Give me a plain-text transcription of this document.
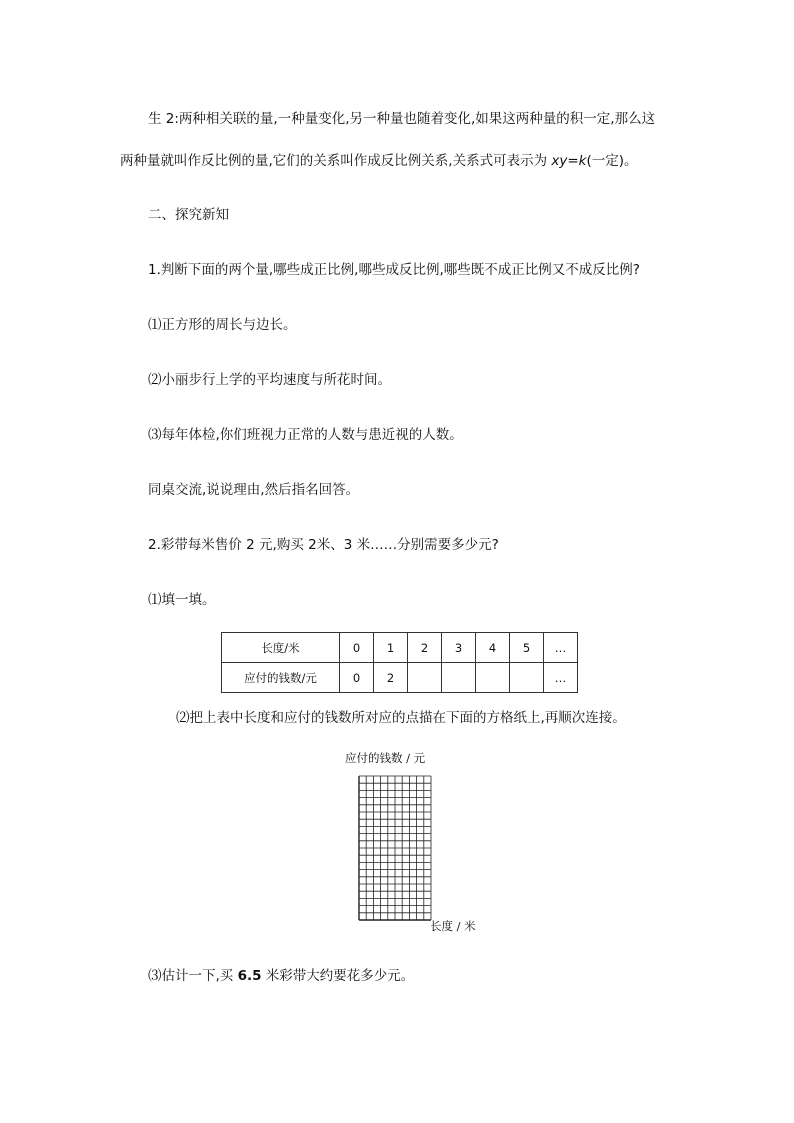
生 2:两种相关联的量,一种量变化,另一种量也随着变化,如果这两种量的积一定,那么这
两种量就叫作反比例的量,它们的关系叫作成反比例关系,关系式可表示为 xy=k(一定)。
二、探究新知
1.判断下面的两个量,哪些成正比例,哪些成反比例,哪些既不成正比例又不成反比例?
⑴正方形的周长与边长。
⑵小丽步行上学的平均速度与所花时间。
⑶每年体检,你们班视力正常的人数与患近视的人数。
同桌交流,说说理由,然后指名回答。
2.彩带每米售价 2 元,购买 2米、3 米……分别需要多少元?
⑴填一填。
长度/米	0	1	2	3	4	5	…
应付的钱数/元	0	2					…
⑵把上表中长度和应付的钱数所对应的点描在下面的方格纸上,再顺次连接。
应付的钱数 / 元
长度 / 米
⑶估计一下,买 6.5 米彩带大约要花多少元。
